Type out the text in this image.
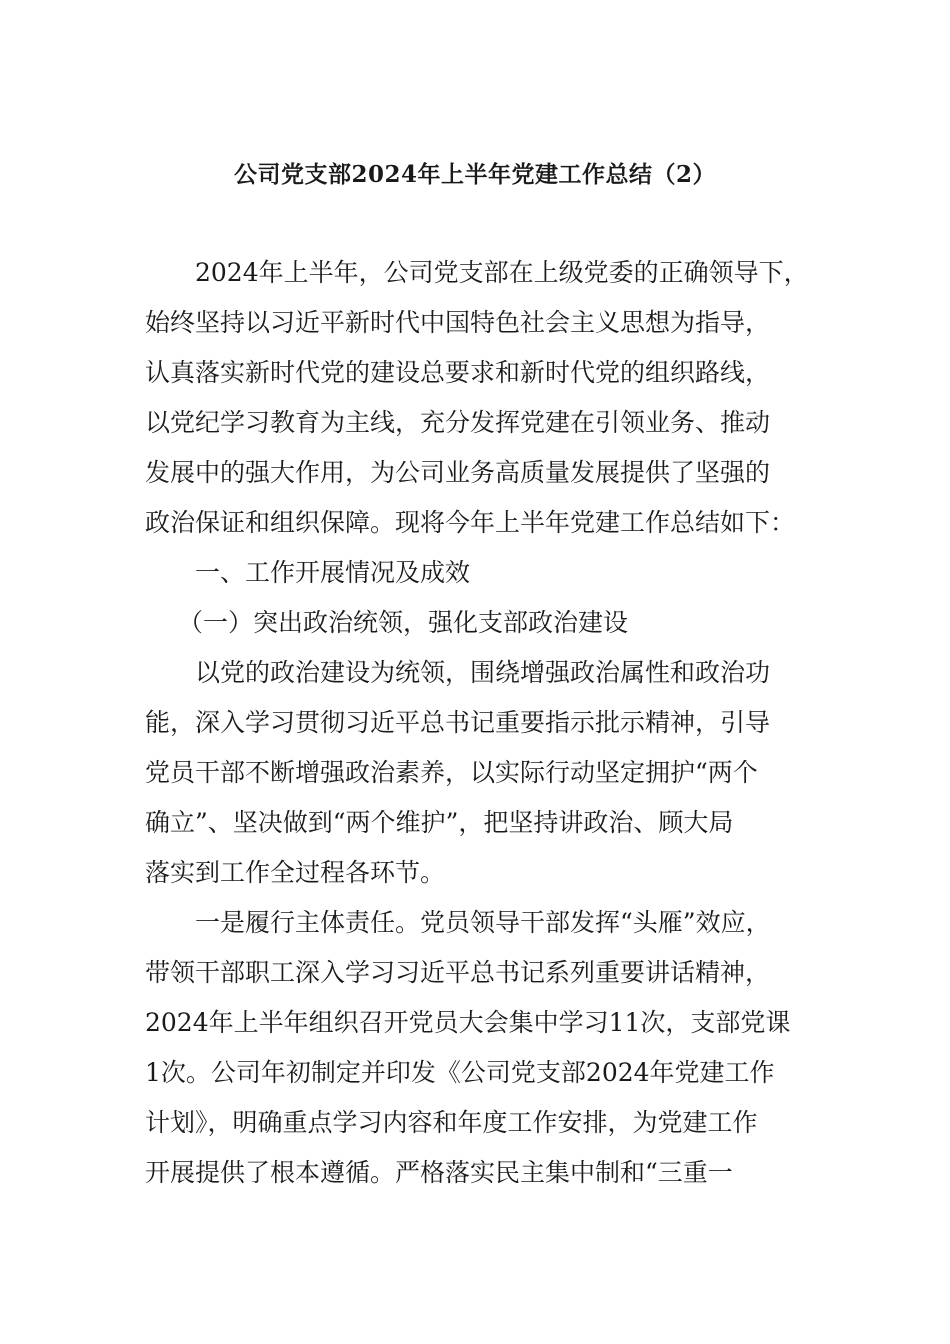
公司党支部2024年上半年党建工作总结（2）

2024年上半年，公司党支部在上级党委的正确领导下，

始终坚持以习近平新时代中国特色社会主义思想为指导，

认真落实新时代党的建设总要求和新时代党的组织路线，

以党纪学习教育为主线，充分发挥党建在引领业务、推动

发展中的强大作用，为公司业务高质量发展提供了坚强的

政治保证和组织保障。现将今年上半年党建工作总结如下：

一、工作开展情况及成效

（一）突出政治统领，强化支部政治建设

以党的政治建设为统领，围绕增强政治属性和政治功

能，深入学习贯彻习近平总书记重要指示批示精神，引导

党员干部不断增强政治素养，以实际行动坚定拥护“两个

确立”、坚决做到“两个维护”，把坚持讲政治、顾大局

落实到工作全过程各环节。

一是履行主体责任。党员领导干部发挥“头雁”效应，

带领干部职工深入学习习近平总书记系列重要讲话精神，

2024年上半年组织召开党员大会集中学习11次，支部党课

1次。公司年初制定并印发《公司党支部2024年党建工作

计划》，明确重点学习内容和年度工作安排，为党建工作

开展提供了根本遵循。严格落实民主集中制和“三重一
